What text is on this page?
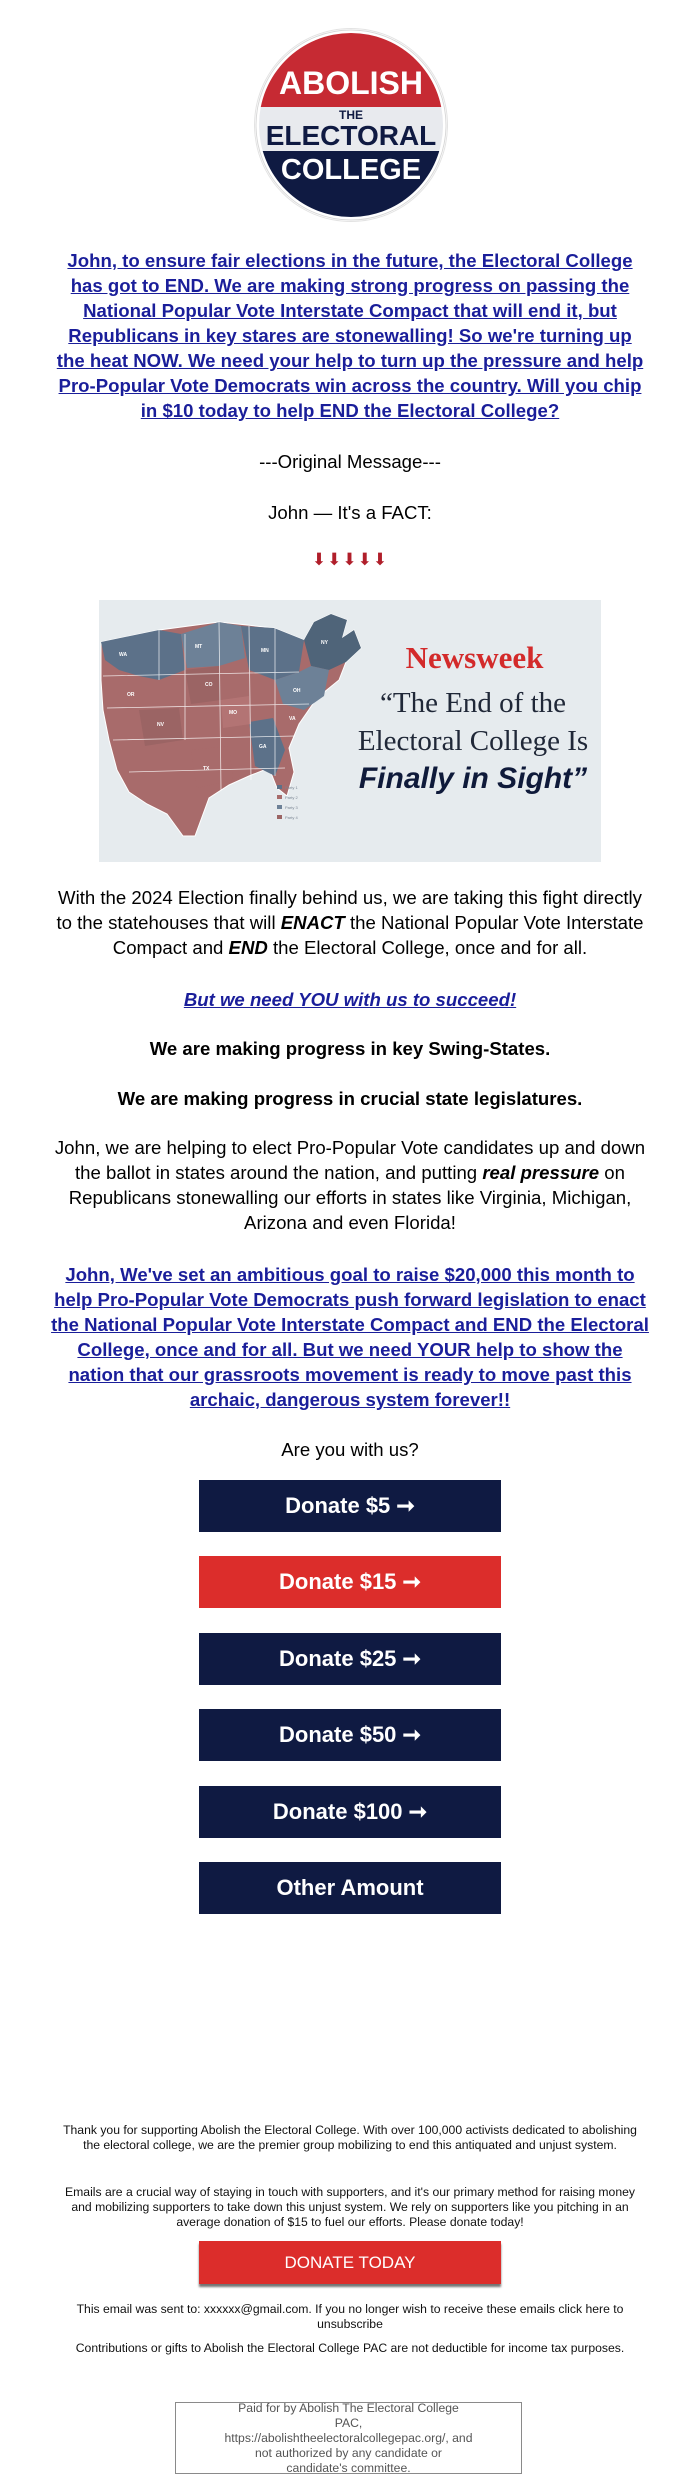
ABOLISH
THE
ELECTORAL
COLLEGE
John, to ensure fair elections in the future, the Electoral College has got to END. We are making strong progress on passing the National Popular Vote Interstate Compact that will end it, but Republicans in key stares are stonewalling! So we're turning up the heat NOW. We need your help to turn up the pressure and help Pro-Popular Vote Democrats win across the country. Will you chip in $10 today to help END the Electoral College?
---Original Message---
John — It's a FACT:
⬇⬇⬇⬇⬇
WA
MT
MN
NY
OH
GA
NV
TX
MO
VA
CO
OR
Party 1
Party 2
Party 3
Party 4
Newsweek
“The End of the Electoral College Is
Finally in Sight”
With the 2024 Election finally behind us, we are taking this fight directly to the statehouses that will ENACT the National Popular Vote Interstate Compact and END the Electoral College, once and for all.
But we need YOU with us to succeed!
We are making progress in key Swing-States.
We are making progress in crucial state legislatures.
John, we are helping to elect Pro-Popular Vote candidates up and down the ballot in states around the nation, and putting real pressure on Republicans stonewalling our efforts in states like Virginia, Michigan, Arizona and even Florida!
John, We've set an ambitious goal to raise $20,000 this month to help Pro-Popular Vote Democrats push forward legislation to enact the National Popular Vote Interstate Compact and END the Electoral College, once and for all. But we need YOUR help to show the nation that our grassroots movement is ready to move past this archaic, dangerous system forever!!
Are you with us?
Donate $5 ➞
Donate $15 ➞
Donate $25 ➞
Donate $50 ➞
Donate $100 ➞
Other Amount
Thank you for supporting Abolish the Electoral College. With over 100,000 activists dedicated to abolishing the electoral college, we are the premier group mobilizing to end this antiquated and unjust system.
Emails are a crucial way of staying in touch with supporters, and it's our primary method for raising money and mobilizing supporters to take down this unjust system. We rely on supporters like you pitching in an average donation of $15 to fuel our efforts. Please donate today!
DONATE TODAY
This email was sent to: xxxxxx@gmail.com. If you no longer wish to receive these emails click here to unsubscribe
Contributions or gifts to Abolish the Electoral College PAC are not deductible for income tax purposes.
Paid for by Abolish The Electoral College PAC, https://abolishtheelectoralcollegepac.org/, and not authorized by any candidate or candidate's committee.
